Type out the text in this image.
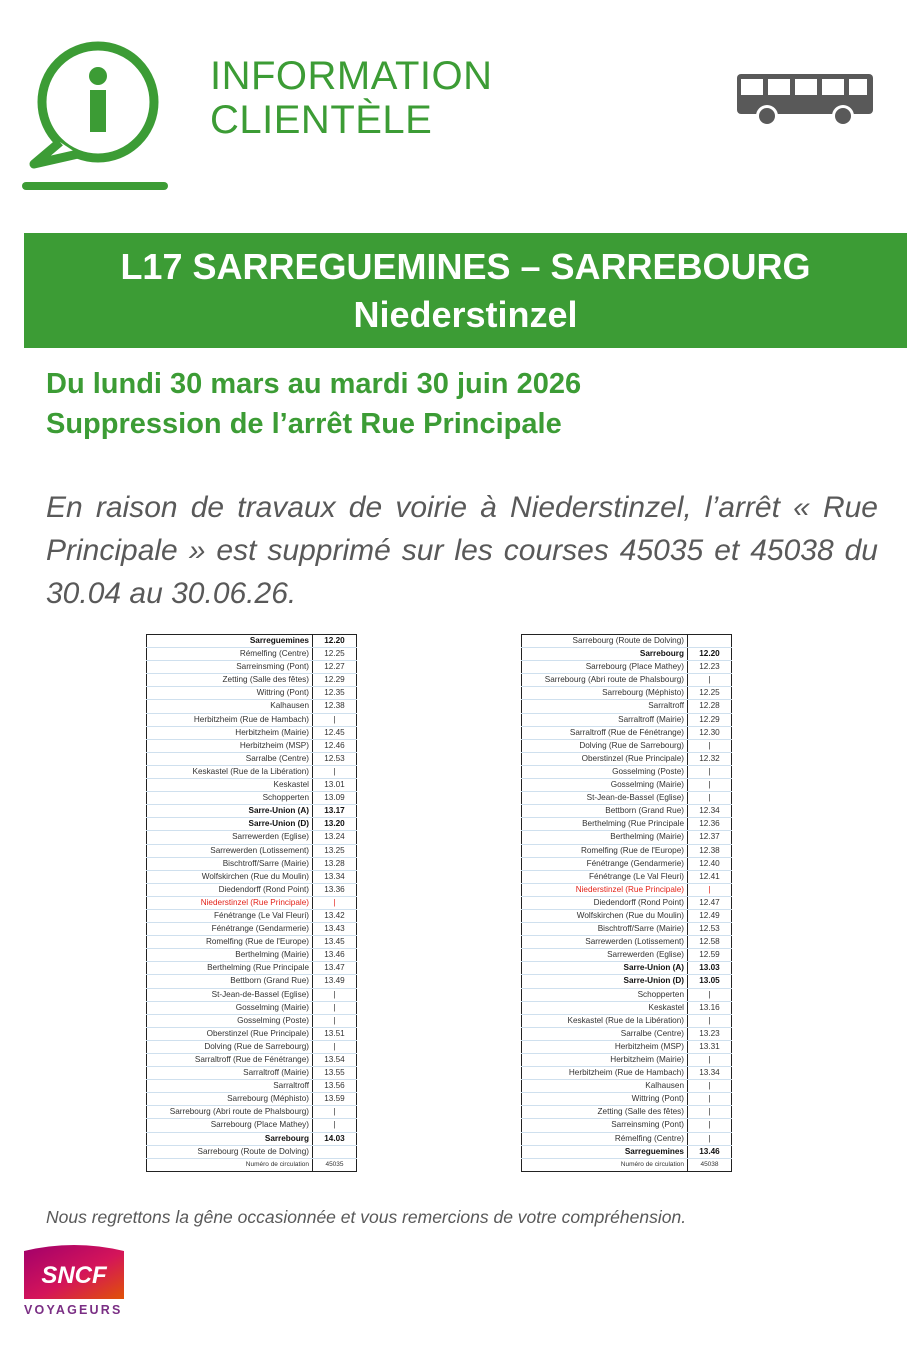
INFORMATION
CLIENTÈLE
L17 SARREGUEMINES – SARREBOURG
Niederstinzel
Du lundi 30 mars au mardi 30 juin 2026
Suppression de l’arrêt Rue Principale
En raison de travaux de voirie à Niederstinzel, l’arrêt « Rue Principale » est supprimé sur les courses 45035 et 45038 du 30.04 au 30.06.26.
Sarreguemines	12.20
Rémelfing (Centre)	12.25
Sarreinsming (Pont)	12.27
Zetting (Salle des fêtes)	12.29
Wittring (Pont)	12.35
Kalhausen	12.38
Herbitzheim (Rue de Hambach)	|
Herbitzheim (Mairie)	12.45
Herbitzheim (MSP)	12.46
Sarralbe (Centre)	12.53
Keskastel (Rue de la Libération)	|
Keskastel	13.01
Schopperten	13.09
Sarre-Union (A)	13.17
Sarre-Union (D)	13.20
Sarrewerden (Eglise)	13.24
Sarrewerden (Lotissement)	13.25
Bischtroff/Sarre (Mairie)	13.28
Wolfskirchen (Rue du Moulin)	13.34
Diedendorff (Rond Point)	13.36
Niederstinzel (Rue Principale)	|
Fénétrange (Le Val Fleuri)	13.42
Fénétrange (Gendarmerie)	13.43
Romelfing (Rue de l'Europe)	13.45
Berthelming (Mairie)	13.46
Berthelming (Rue Principale	13.47
Bettborn (Grand Rue)	13.49
St-Jean-de-Bassel (Eglise)	|
Gosselming (Mairie)	|
Gosselming (Poste)	|
Oberstinzel (Rue Principale)	13.51
Dolving (Rue de Sarrebourg)	|
Sarraltroff (Rue de Fénétrange)	13.54
Sarraltroff (Mairie)	13.55
Sarraltroff	13.56
Sarrebourg (Méphisto)	13.59
Sarrebourg (Abri route de Phalsbourg)	|
Sarrebourg (Place Mathey)	|
Sarrebourg	14.03
Sarrebourg (Route de Dolving)	
Numéro de circulation	45035
Sarrebourg (Route de Dolving)	
Sarrebourg	12.20
Sarrebourg (Place Mathey)	12.23
Sarrebourg (Abri route de Phalsbourg)	|
Sarrebourg (Méphisto)	12.25
Sarraltroff	12.28
Sarraltroff (Mairie)	12.29
Sarraltroff (Rue de Fénétrange)	12.30
Dolving (Rue de Sarrebourg)	|
Oberstinzel (Rue Principale)	12.32
Gosselming (Poste)	|
Gosselming (Mairie)	|
St-Jean-de-Bassel (Eglise)	|
Bettborn (Grand Rue)	12.34
Berthelming (Rue Principale	12.36
Berthelming (Mairie)	12.37
Romelfing (Rue de l'Europe)	12.38
Fénétrange (Gendarmerie)	12.40
Fénétrange (Le Val Fleuri)	12.41
Niederstinzel (Rue Principale)	|
Diedendorff (Rond Point)	12.47
Wolfskirchen (Rue du Moulin)	12.49
Bischtroff/Sarre (Mairie)	12.53
Sarrewerden (Lotissement)	12.58
Sarrewerden (Eglise)	12.59
Sarre-Union (A)	13.03
Sarre-Union (D)	13.05
Schopperten	|
Keskastel	13.16
Keskastel (Rue de la Libération)	|
Sarralbe (Centre)	13.23
Herbitzheim (MSP)	13.31
Herbitzheim (Mairie)	|
Herbitzheim (Rue de Hambach)	13.34
Kalhausen	|
Wittring (Pont)	|
Zetting (Salle des fêtes)	|
Sarreinsming (Pont)	|
Rémelfing (Centre)	|
Sarreguemines	13.46
Numéro de circulation	45038
Nous regrettons la gêne occasionnée et vous remercions de votre compréhension.
SNCF
VOYAGEURS
